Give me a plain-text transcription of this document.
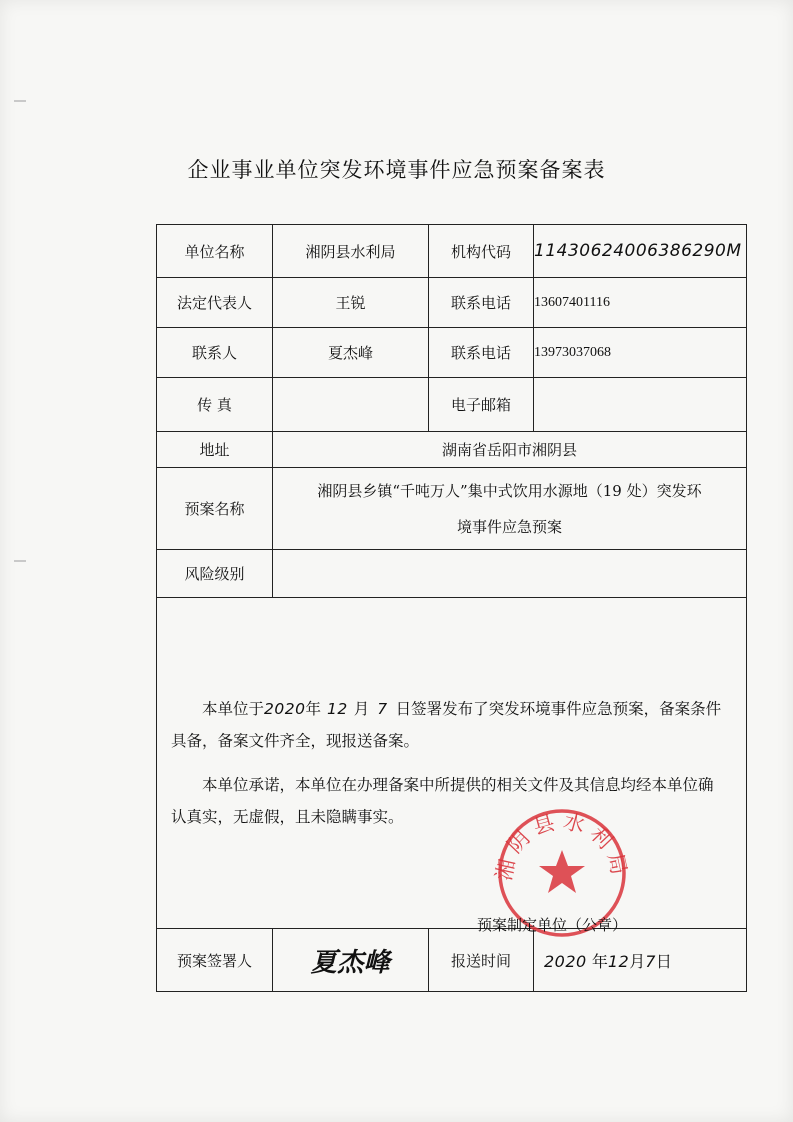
企业事业单位突发环境事件应急预案备案表
单位名称	湘阴县水利局	机构代码	11430624006386290M
法定代表人	王锐	联系电话	13607401116
联系人	夏杰峰	联系电话	13973037068
传 真		电子邮箱	
地址	湖南省岳阳市湘阴县		
预案名称	湘阴县乡镇“千吨万人”集中式饮用水源地（19 处）突发环
境事件应急预案		

风险级别			

本单位于2020年 12 月 7 日签署发布了突发环境事件应急预案，备案条件具备，备案文件齐全，现报送备案。

本单位承诺，本单位在办理备案中所提供的相关文件及其信息均经本单位确认真实，无虚假，且未隐瞒事实。

湘阴县水利局
预案制定单位（公章）			

预案签署人	夏杰峰	报送时间	2020 年12月7日
